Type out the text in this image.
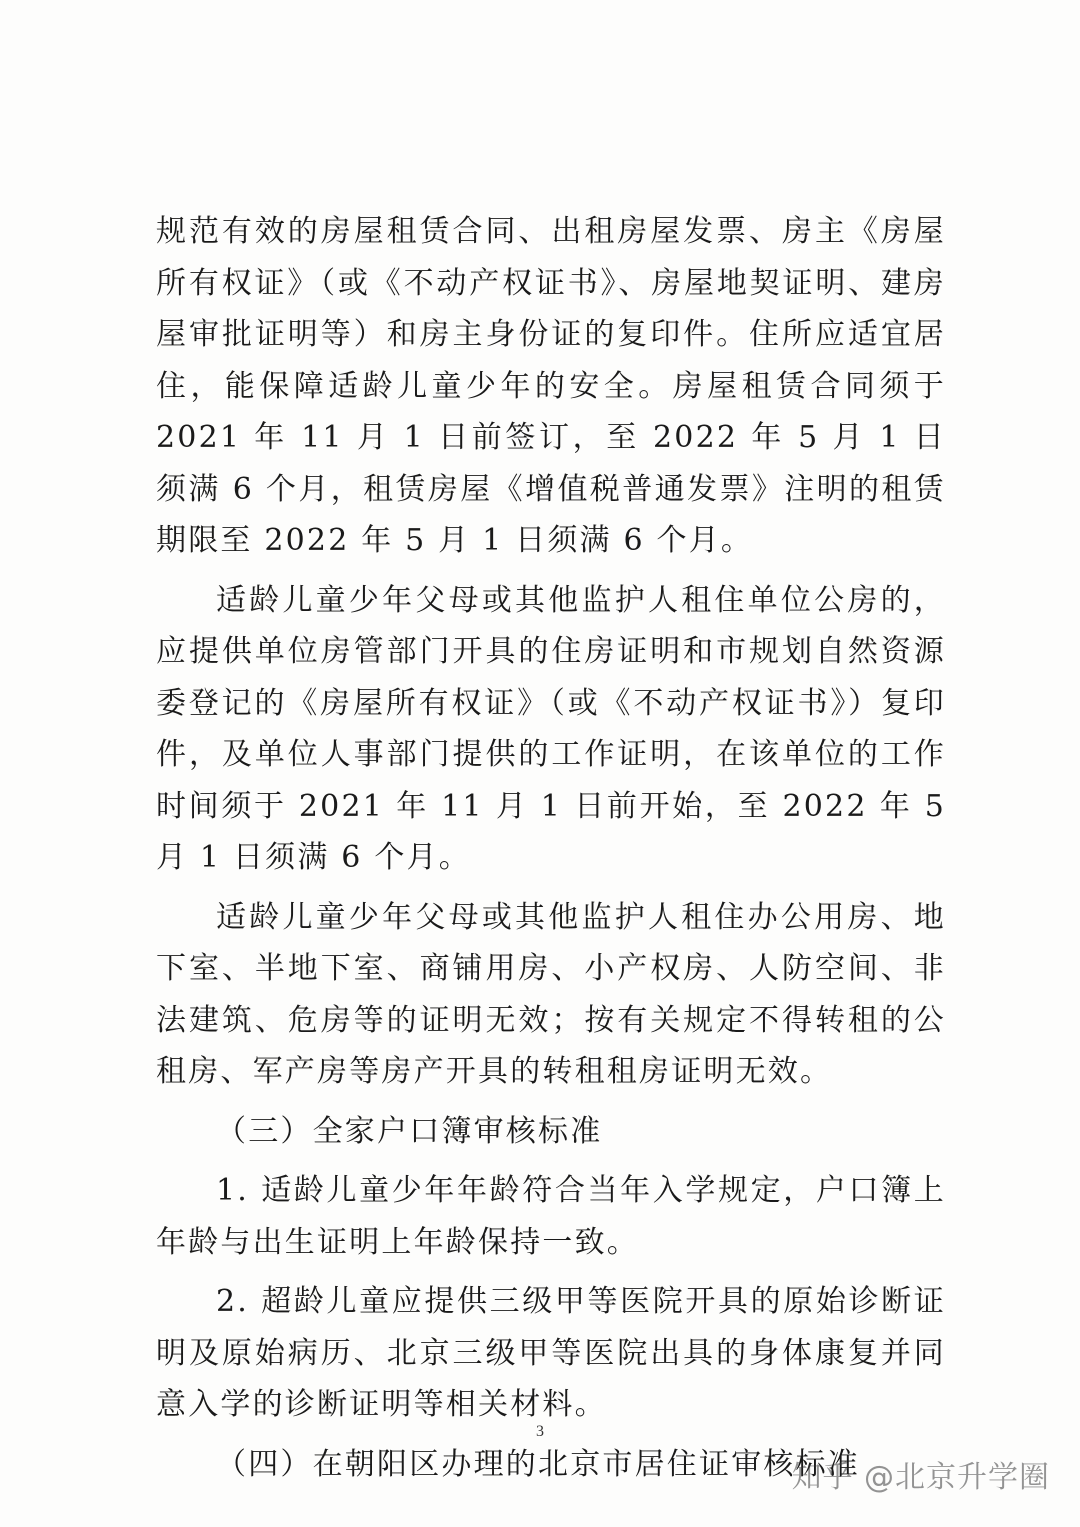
规范有效的房屋租赁合同、出租房屋发票、房主《房屋所有权证》（或《不动产权证书》、房屋地契证明、建房屋审批证明等）和房主身份证的复印件。住所应适宜居住，能保障适龄儿童少年的安全。房屋租赁合同须于 2021 年 11 月 1 日前签订，至 2022 年 5 月 1 日须满 6 个月，租赁房屋《增值税普通发票》注明的租赁期限至 2022 年 5 月 1 日须满 6 个月。

适龄儿童少年父母或其他监护人租住单位公房的，应提供单位房管部门开具的住房证明和市规划自然资源委登记的《房屋所有权证》（或《不动产权证书》）复印件，及单位人事部门提供的工作证明，在该单位的工作时间须于 2021 年 11 月 1 日前开始，至 2022 年 5 月 1 日须满 6 个月。

适龄儿童少年父母或其他监护人租住办公用房、地下室、半地下室、商铺用房、小产权房、人防空间、非法建筑、危房等的证明无效；按有关规定不得转租的公租房、军产房等房产开具的转租租房证明无效。

（三）全家户口簿审核标准

1. 适龄儿童少年年龄符合当年入学规定，户口簿上年龄与出生证明上年龄保持一致。

2. 超龄儿童应提供三级甲等医院开具的原始诊断证明及原始病历、北京三级甲等医院出具的身体康复并同意入学的诊断证明等相关材料。

（四）在朝阳区办理的北京市居住证审核标准

3
知乎 @北京升学圈
